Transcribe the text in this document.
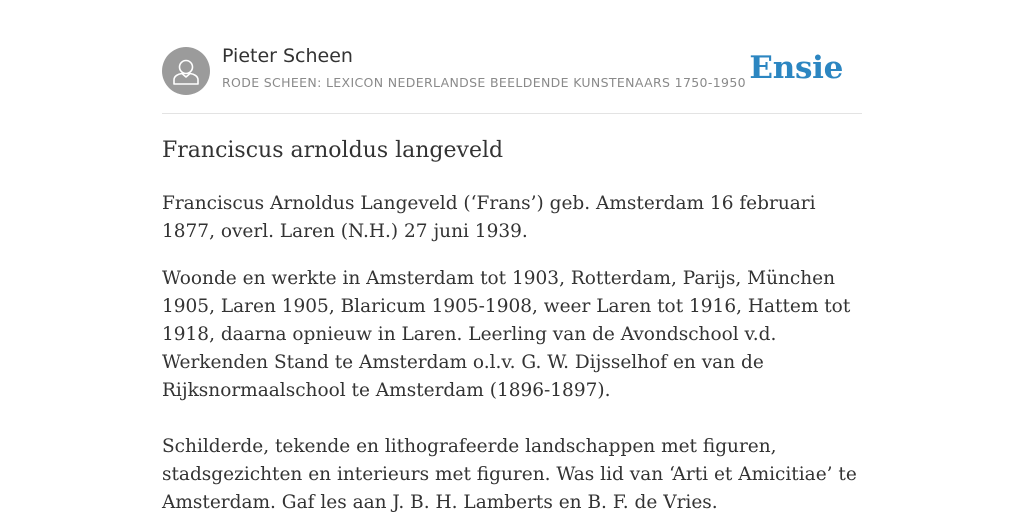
Pieter Scheen
RODE SCHEEN: LEXICON NEDERLANDSE BEELDENDE KUNSTENAARS 1750-1950 Ensie
Franciscus arnoldus langeveld

Franciscus Arnoldus Langeveld (‘Frans’) geb. Amsterdam 16 februari 1877, overl. Laren (N.H.) 27 juni 1939.

Woonde en werkte in Amsterdam tot 1903, Rotterdam, Parijs, München 1905, Laren 1905, Blaricum 1905-1908, weer Laren tot 1916, Hattem tot 1918, daarna opnieuw in Laren. Leerling van de Avondschool v.d. Werkenden Stand te Amsterdam o.l.v. G. W. Dijsselhof en van de Rijksnormaalschool te Amsterdam (1896-1897).

Schilderde, tekende en lithografeerde landschappen met figuren, stadsgezichten en interieurs met figuren. Was lid van ‘Arti et Amicitiae’ te Amsterdam. Gaf les aan J. B. H. Lamberts en B. F. de Vries.
